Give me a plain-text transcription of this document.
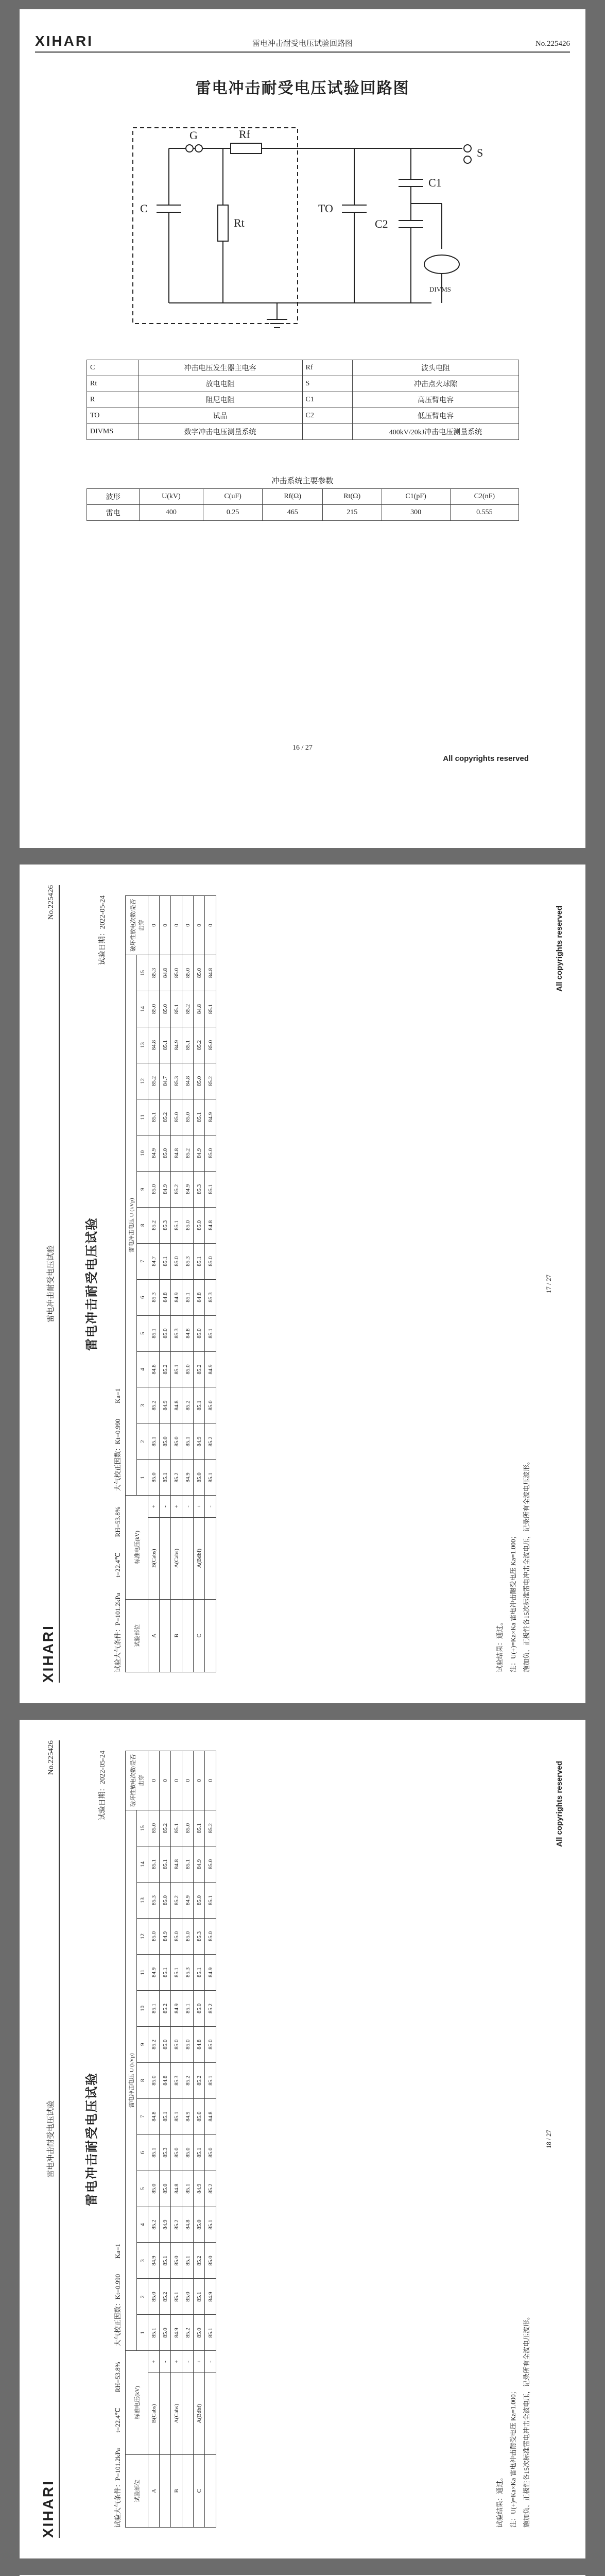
XIHARI	雷电冲击耐受电压试验回路图	No.225426
雷电冲击耐受电压试验回路图
G	Rf
C
Rt
TO
C1
C2
S
DIVMS
C	冲击电压发生器主电容	Rf	波头电阻
Rt	放电电阻	S	冲击点火球隙
R	阻尼电阻	C1	高压臂电容
TO	试品	C2	低压臂电容
DIVMS	数字冲击电压测量系统		400kV/20kJ冲击电压测量系统
冲击系统主要参数
波形	U(kV)	C(uF)	Rf(Ω)	Rt(Ω)	C1(pF)	C2(nF)
雷电	400	0.25	465	215	300	0.555
16 / 27
All copyrights reserved
XIHARI
雷电冲击耐受电压试验
No.225426
雷电冲击耐受电压试验
试验日期：2022-05-24
试验大气条件：P=101.2kPat=22.4℃RH=53.8%大气校正因数：Kt=0.990Ka=1
试验部位	标准电压(kV)		雷电冲击电压 U (kVp)															破坏性放电次数/是否击穿
			1	2	3	4	5	6	7	8	9	10	11	12	13	14	15	
A	B(Cabs)	+	85.0	85.1	85.2	84.8	85.1	85.3	84.7	85.2	85.0	84.9	85.1	85.2	84.8	85.0	85.3	0
		-	85.1	85.0	84.9	85.2	85.0	84.8	85.1	85.3	84.9	85.0	85.2	84.7	85.1	85.0	84.8	0
B	A(Cabs)	+	85.2	85.0	84.8	85.1	85.3	84.9	85.0	85.1	85.2	84.8	85.0	85.3	84.9	85.1	85.0	0
		-	84.9	85.1	85.2	85.0	84.8	85.1	85.3	85.0	84.9	85.2	85.0	84.8	85.1	85.2	85.0	0
C	A(Bdbf)	+	85.0	84.9	85.1	85.2	85.0	84.8	85.1	85.0	85.3	84.9	85.1	85.0	85.2	84.8	85.0	0
		-	85.1	85.2	85.0	84.9	85.1	85.3	85.0	84.8	85.1	85.0	84.9	85.2	85.0	85.1	84.8	0
试验结果：通过。 注：U(+)=Ka×Ka 雷电冲击耐受电压 Ka=1.000； 施加负、正极性各15次标准雷电冲击全波电压，记录所有全波电压波形。
17 / 27
All copyrights reserved
XIHARI
雷电冲击耐受电压试验
No.225426
雷电冲击耐受电压试验
试验日期：2022-05-24
试验大气条件：P=101.2kPat=22.4℃RH=53.8%大气校正因数：Kt=0.990Ka=1
试验部位	标准电压(kV)		雷电冲击电压 U (kVp)															破坏性放电次数/是否击穿
			1	2	3	4	5	6	7	8	9	10	11	12	13	14	15	
A	B(Cabs)	+	85.1	85.0	84.9	85.2	85.0	85.1	84.8	85.0	85.2	85.1	84.9	85.0	85.3	85.1	85.0	0
		-	85.0	85.2	85.1	84.9	85.0	85.3	85.1	84.8	85.0	85.2	85.1	84.9	85.0	85.1	85.2	0
B	A(Cabs)	+	84.9	85.1	85.0	85.2	84.8	85.0	85.1	85.3	85.0	84.9	85.1	85.0	85.2	84.8	85.1	0
		-	85.2	85.0	85.1	84.8	85.1	85.0	84.9	85.2	85.0	85.1	85.3	85.0	84.9	85.1	85.0	0
C	A(Bdbf)	+	85.0	85.1	85.2	85.0	84.9	85.1	85.0	85.2	84.8	85.0	85.1	85.3	85.0	84.9	85.1	0
		-	85.1	84.9	85.0	85.1	85.2	85.0	84.8	85.1	85.0	85.2	84.9	85.0	85.1	85.0	85.2	0
试验结果：通过。 注：U(+)=Ka×Ka 雷电冲击耐受电压 Ka=1.000； 施加负、正极性各15次标准雷电冲击全波电压，记录所有全波电压波形。
18 / 27
All copyrights reserved
